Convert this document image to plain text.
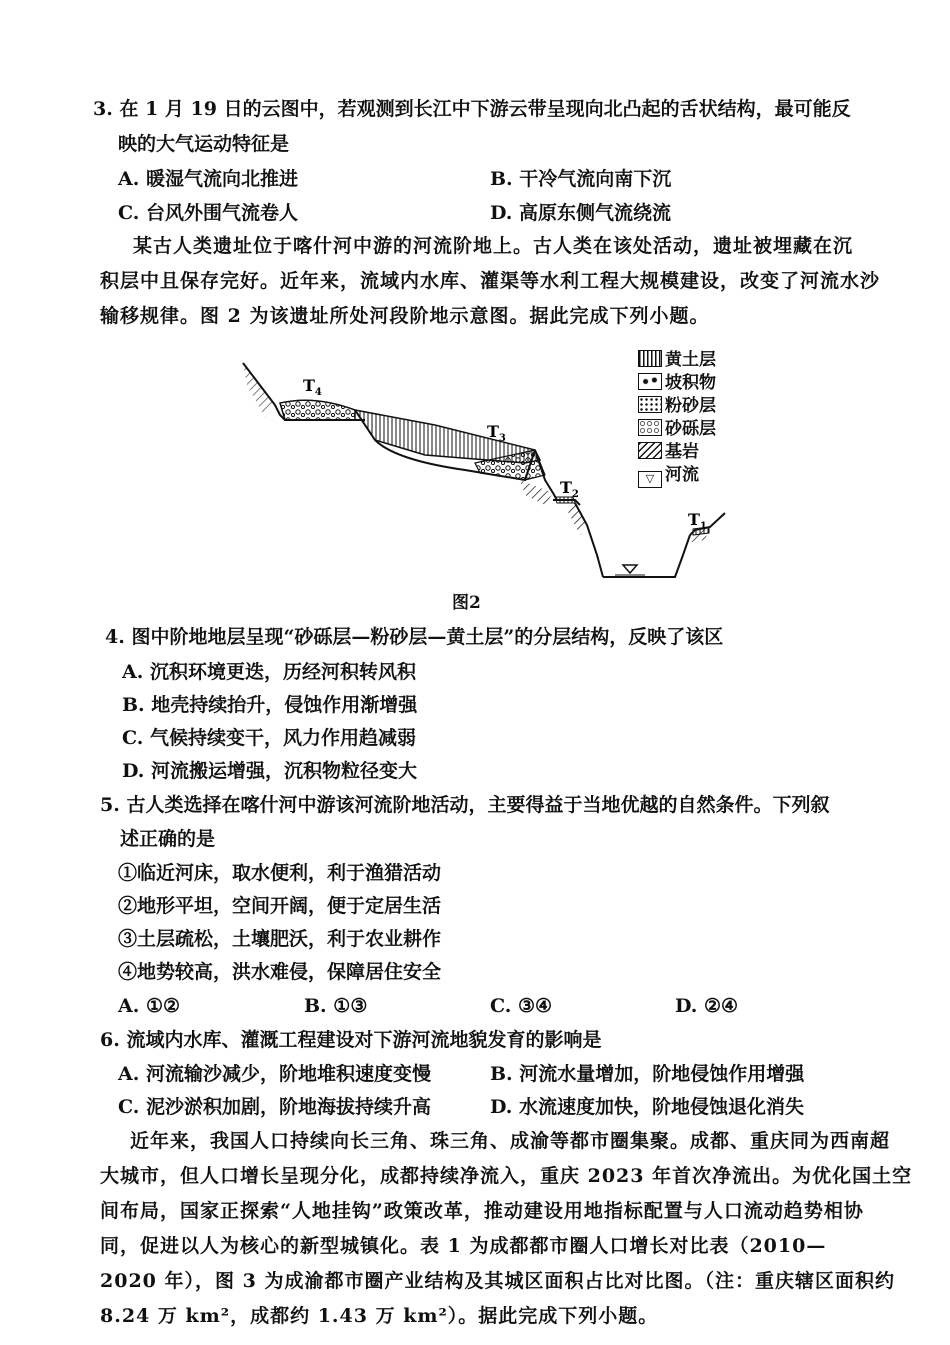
3. 在 1 月 19 日的云图中，若观测到长江中下游云带呈现向北凸起的舌状结构，最可能反
映的大气运动特征是
A. 暖湿气流向北推进	B. 干冷气流向南下沉
C. 台风外围气流卷人	D. 高原东侧气流绕流
某古人类遗址位于喀什河中游的河流阶地上。古人类在该处活动，遗址被埋藏在沉
积层中且保存完好。近年来，流域内水库、灌渠等水利工程大规模建设，改变了河流水沙
输移规律。图 2 为该遗址所处河段阶地示意图。据此完成下列小题。
$T_4$
$T_3$
$T_2$
$T_1$
黄土层
坡积物
粉砂层
砂砾层
基岩
▽ 河流
图2
4. 图中阶地地层呈现“砂砾层—粉砂层—黄土层”的分层结构，反映了该区
A. 沉积环境更迭，历经河积转风积
B. 地壳持续抬升，侵蚀作用渐增强
C. 气候持续变干，风力作用趋减弱
D. 河流搬运增强，沉积物粒径变大
5. 古人类选择在喀什河中游该河流阶地活动，主要得益于当地优越的自然条件。下列叙
述正确的是
①临近河床，取水便利，利于渔猎活动
②地形平坦，空间开阔，便于定居生活
③土层疏松，土壤肥沃，利于农业耕作
④地势较高，洪水难侵，保障居住安全
A. ①②	B. ①③	C. ③④	D. ②④
6. 流域内水库、灌溉工程建设对下游河流地貌发育的影响是
A. 河流输沙减少，阶地堆积速度变慢	B. 河流水量增加，阶地侵蚀作用增强
C. 泥沙淤积加剧，阶地海拔持续升高	D. 水流速度加快，阶地侵蚀退化消失
近年来，我国人口持续向长三角、珠三角、成渝等都市圈集聚。成都、重庆同为西南超
大城市，但人口增长呈现分化，成都持续净流入，重庆 2023 年首次净流出。为优化国土空
间布局，国家正探索“人地挂钩”政策改革，推动建设用地指标配置与人口流动趋势相协
同，促进以人为核心的新型城镇化。表 1 为成都都市圈人口增长对比表（2010—
2020 年），图 3 为成渝都市圈产业结构及其城区面积占比对比图。（注：重庆辖区面积约
8.24 万 km²，成都约 1.43 万 km²）。据此完成下列小题。
